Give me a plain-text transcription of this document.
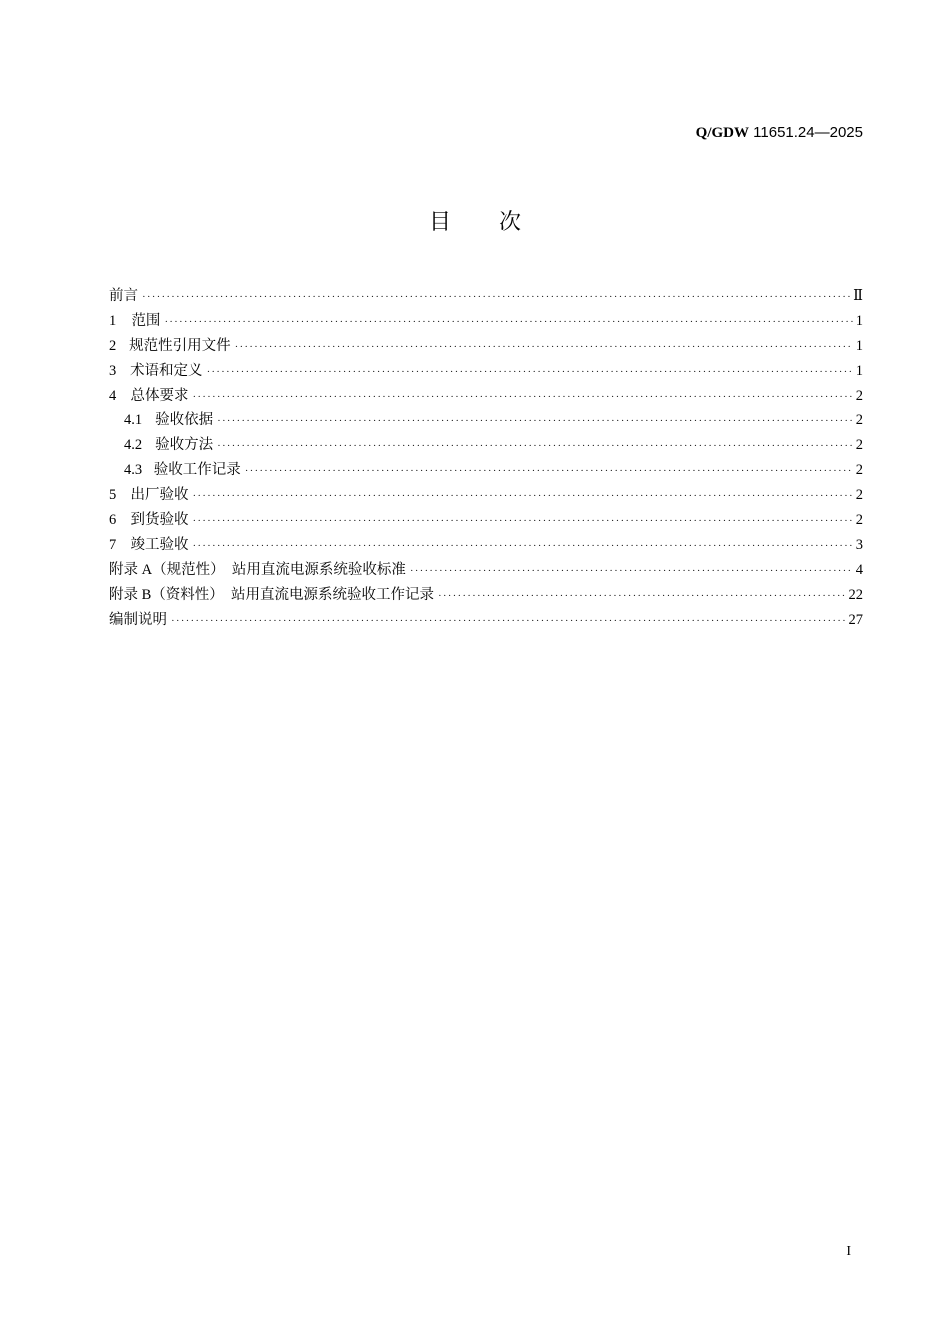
Q/GDW 11651.24—2025
目次
前言 ·····	Ⅱ
1	范围 ·····	1
2 规范性引用文件 ·····	1
3 术语和定义 ·····	1
4 总体要求 ·····	2
4.1 验收依据 ·····	2
4.2 验收方法 ·····	2
4.3 验收工作记录 ·····	2
5 出厂验收 ·····	2
6 到货验收 ·····	2
7 竣工验收 ·····	3
附录 A（规范性）　站用直流电源系统验收标准 ·····	4
附录 B（资料性）　站用直流电源系统验收工作记录 ·····	22
编制说明 ·····	27
I
